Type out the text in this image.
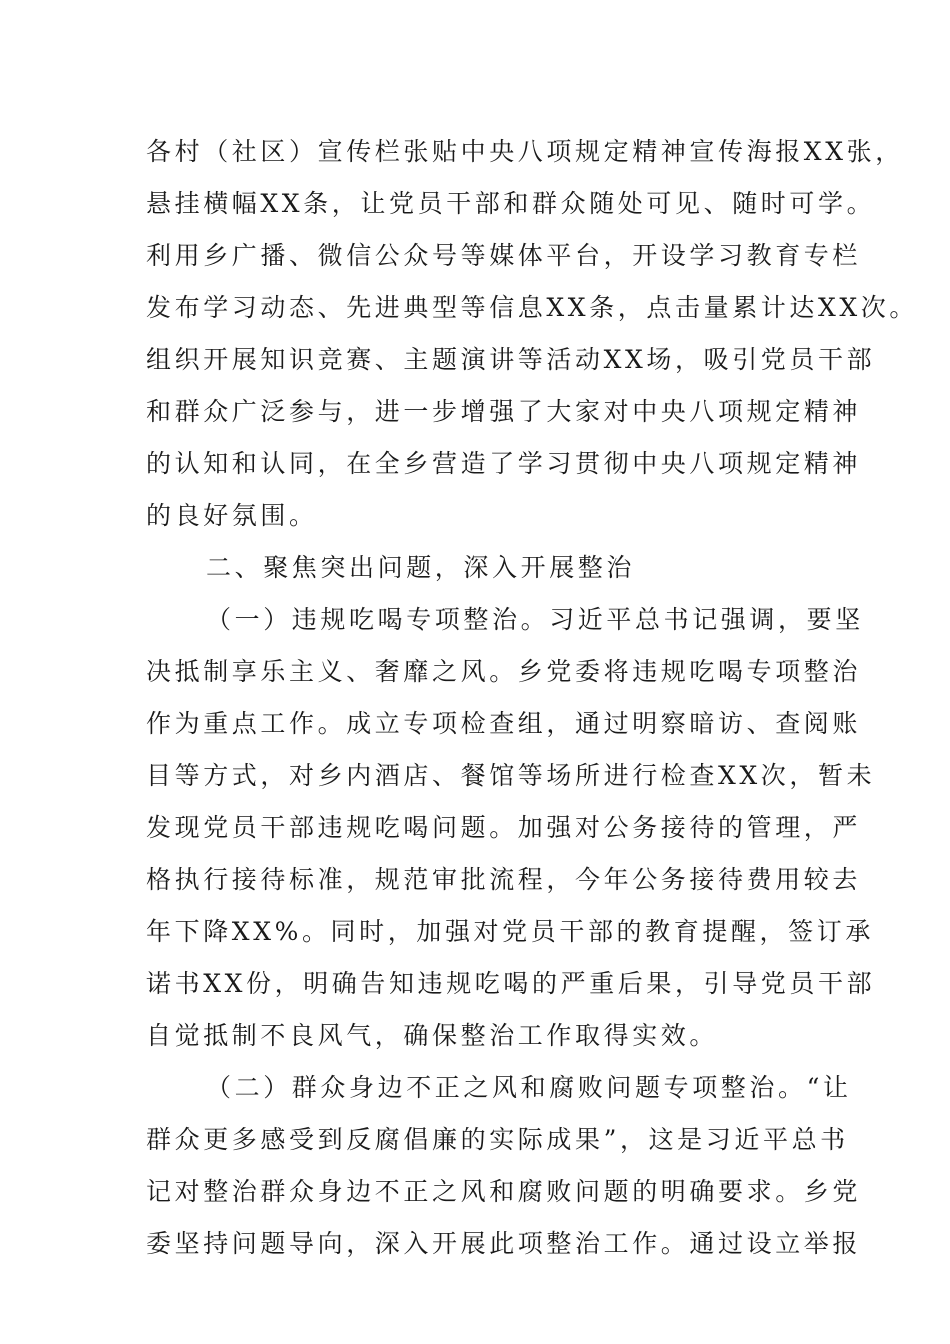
各村（社区）宣传栏张贴中央八项规定精神宣传海报XX张，
悬挂横幅XX条，让党员干部和群众随处可见、随时可学。
利用乡广播、微信公众号等媒体平台，开设学习教育专栏
发布学习动态、先进典型等信息XX条，点击量累计达XX次。
组织开展知识竞赛、主题演讲等活动XX场，吸引党员干部
和群众广泛参与，进一步增强了大家对中央八项规定精神
的认知和认同，在全乡营造了学习贯彻中央八项规定精神
的良好氛围。
二、聚焦突出问题，深入开展整治
（一）违规吃喝专项整治。习近平总书记强调，要坚
决抵制享乐主义、奢靡之风。乡党委将违规吃喝专项整治
作为重点工作。成立专项检查组，通过明察暗访、查阅账
目等方式，对乡内酒店、餐馆等场所进行检查XX次，暂未
发现党员干部违规吃喝问题。加强对公务接待的管理，严
格执行接待标准，规范审批流程，今年公务接待费用较去
年下降XX%。同时，加强对党员干部的教育提醒，签订承
诺书XX份，明确告知违规吃喝的严重后果，引导党员干部
自觉抵制不良风气，确保整治工作取得实效。
（二）群众身边不正之风和腐败问题专项整治。“让
群众更多感受到反腐倡廉的实际成果”，这是习近平总书
记对整治群众身边不正之风和腐败问题的明确要求。乡党
委坚持问题导向，深入开展此项整治工作。通过设立举报
